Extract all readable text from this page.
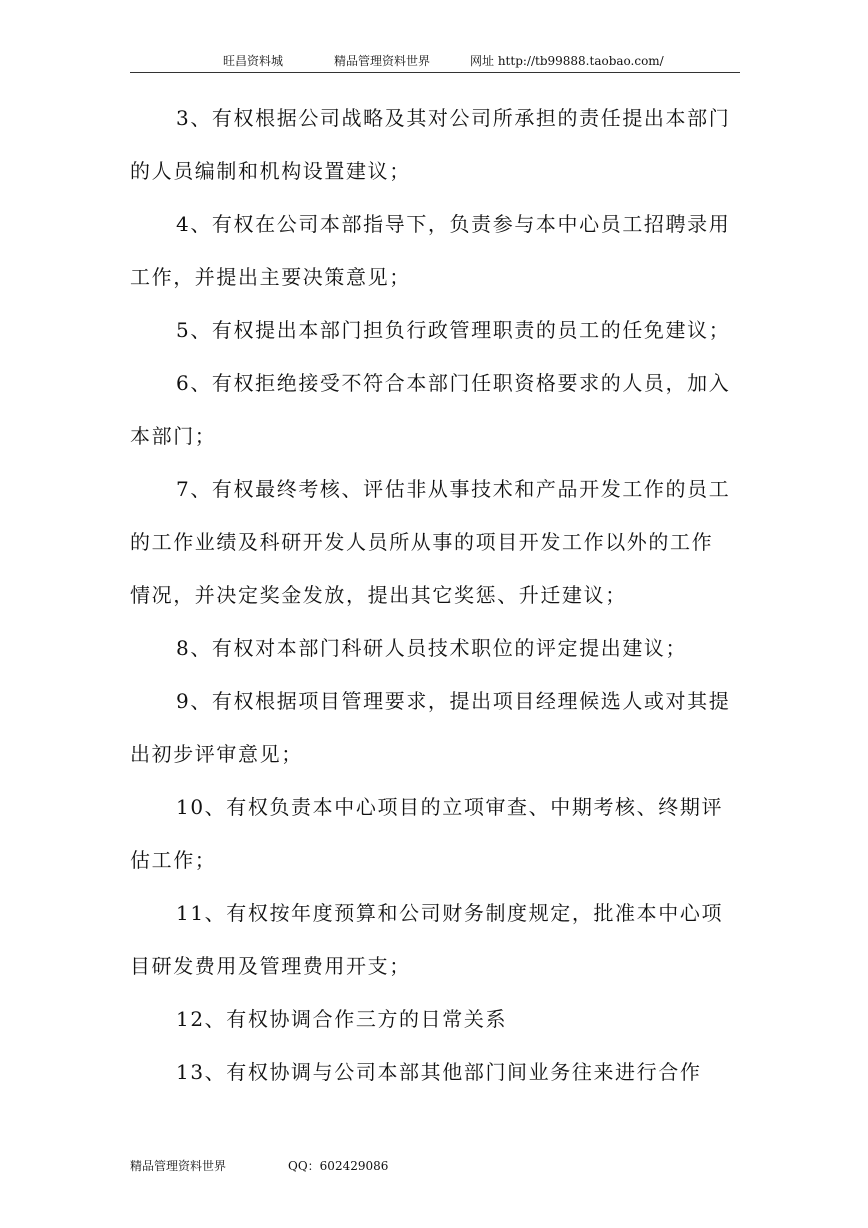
旺昌资料城	精品管理资料世界	网址 http://tb99888.taobao.com/
3、有权根据公司战略及其对公司所承担的责任提出本部门
的人员编制和机构设置建议；
4、有权在公司本部指导下，负责参与本中心员工招聘录用
工作，并提出主要决策意见；
5、有权提出本部门担负行政管理职责的员工的任免建议；
6、有权拒绝接受不符合本部门任职资格要求的人员，加入
本部门；
7、有权最终考核、评估非从事技术和产品开发工作的员工
的工作业绩及科研开发人员所从事的项目开发工作以外的工作
情况，并决定奖金发放，提出其它奖惩、升迁建议；
8、有权对本部门科研人员技术职位的评定提出建议；
9、有权根据项目管理要求，提出项目经理候选人或对其提
出初步评审意见；
10、有权负责本中心项目的立项审查、中期考核、终期评
估工作；
11、有权按年度预算和公司财务制度规定，批准本中心项
目研发费用及管理费用开支；
12、有权协调合作三方的日常关系
13、有权协调与公司本部其他部门间业务往来进行合作
精品管理资料世界	QQ：602429086
